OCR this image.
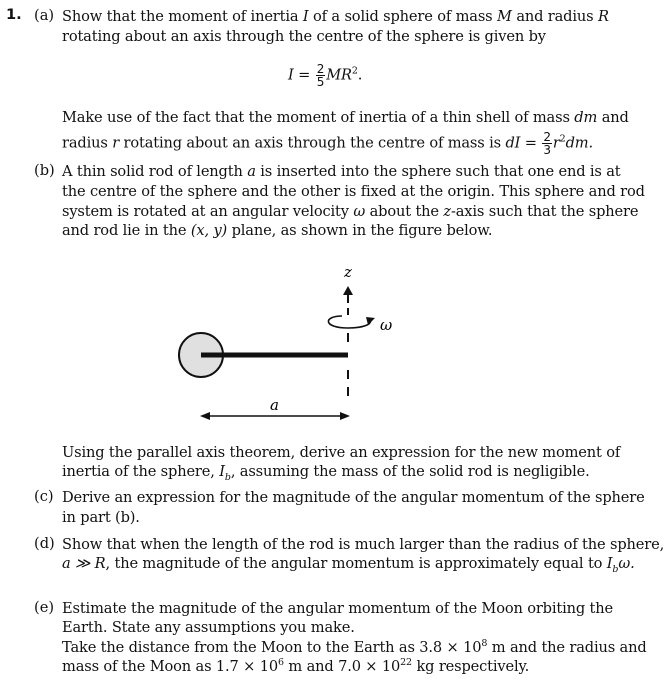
1. (a) Show that the moment of inertia I of a solid sphere of mass M and radius R
rotating about an axis through the centre of the sphere is given by
$I = \frac{2}{5} MR^2$.
Make use of the fact that the moment of inertia of a thin shell of mass dm and
radius r rotating about an axis through the centre of mass is dI = $\frac{2}{3} r^2dm$.
(b) A thin solid rod of length a is inserted into the sphere such that one end is at
the centre of the sphere and the other is fixed at the origin. This sphere and rod
system is rotated at an angular velocity ω about the z-axis such that the sphere
and rod lie in the (x, y) plane, as shown in the figure below.
z
ω
a
Using the parallel axis theorem, derive an expression for the new moment of
inertia of the sphere, $I_b$, assuming the mass of the solid rod is negligible.
(c) Derive an expression for the magnitude of the angular momentum of the sphere
in part (b).
(d) Show that when the length of the rod is much larger than the radius of the sphere,
a ≫ R, the magnitude of the angular momentum is approximately equal to $I_b\omega$.
(e) Estimate the magnitude of the angular momentum of the Moon orbiting the
Earth. State any assumptions you make.
Take the distance from the Moon to the Earth as $3.8 \times 10^8$ m and the radius and
mass of the Moon as $1.7 \times 10^6$ m and $7.0 \times 10^{22}$ kg respectively.
